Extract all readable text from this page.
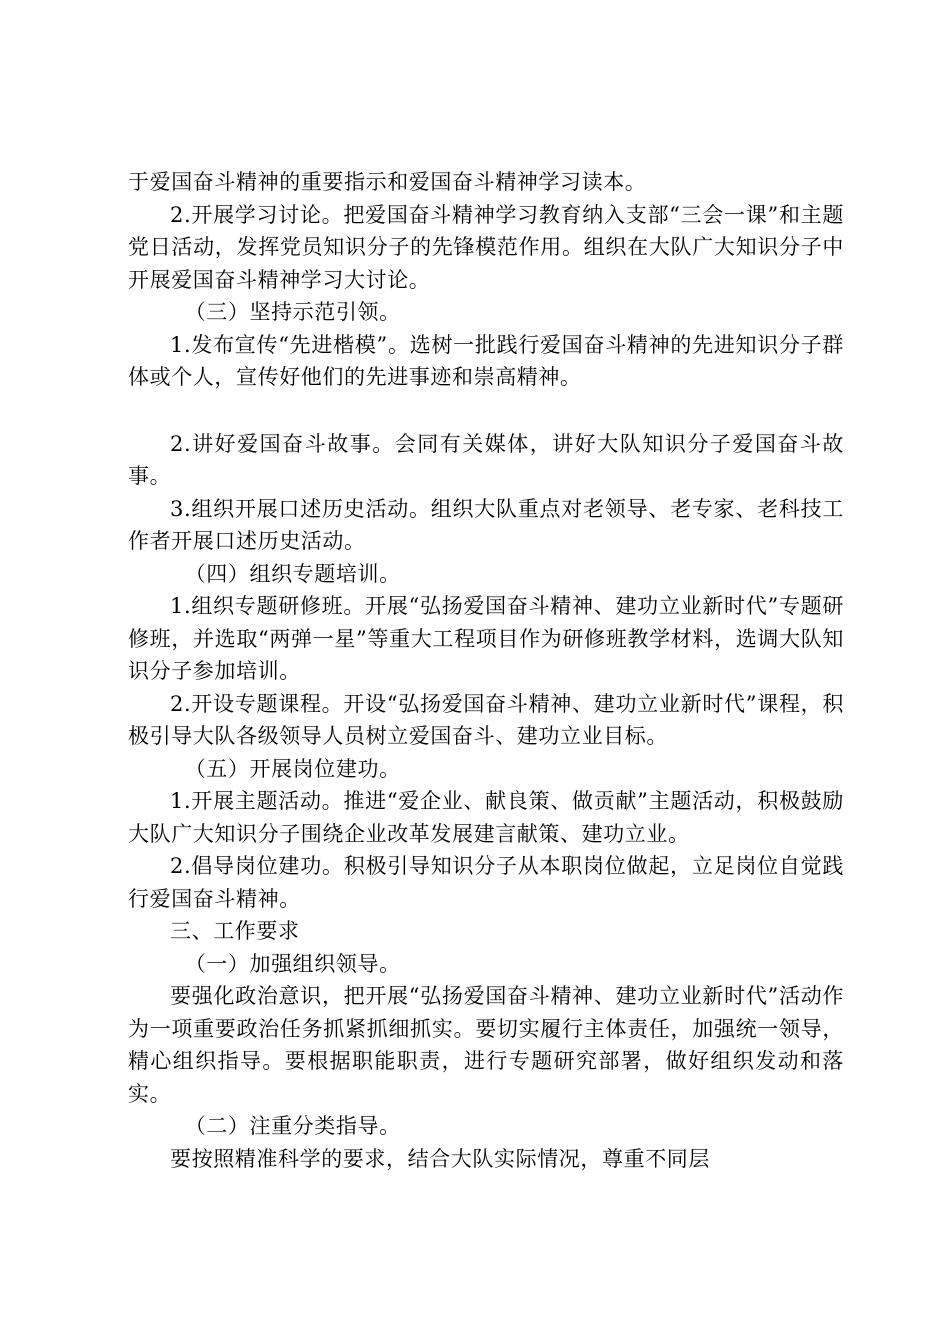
于爱国奋斗精神的重要指示和爱国奋斗精神学习读本。

2.开展学习讨论。把爱国奋斗精神学习教育纳入支部“三会一课”和主题党日活动，发挥党员知识分子的先锋模范作用。组织在大队广大知识分子中开展爱国奋斗精神学习大讨论。

（三）坚持示范引领。

1.发布宣传“先进楷模”。选树一批践行爱国奋斗精神的先进知识分子群体或个人，宣传好他们的先进事迹和崇高精神。

2.讲好爱国奋斗故事。会同有关媒体，讲好大队知识分子爱国奋斗故事。

3.组织开展口述历史活动。组织大队重点对老领导、老专家、老科技工作者开展口述历史活动。

（四）组织专题培训。

1.组织专题研修班。开展“弘扬爱国奋斗精神、建功立业新时代”专题研修班，并选取“两弹一星”等重大工程项目作为研修班教学材料，选调大队知识分子参加培训。

2.开设专题课程。开设“弘扬爱国奋斗精神、建功立业新时代”课程，积极引导大队各级领导人员树立爱国奋斗、建功立业目标。

（五）开展岗位建功。

1.开展主题活动。推进“爱企业、献良策、做贡献”主题活动，积极鼓励大队广大知识分子围绕企业改革发展建言献策、建功立业。

2.倡导岗位建功。积极引导知识分子从本职岗位做起，立足岗位自觉践行爱国奋斗精神。

三、工作要求

（一）加强组织领导。

要强化政治意识，把开展“弘扬爱国奋斗精神、建功立业新时代”活动作为一项重要政治任务抓紧抓细抓实。要切实履行主体责任，加强统一领导，精心组织指导。要根据职能职责，进行专题研究部署，做好组织发动和落实。

（二）注重分类指导。

要按照精准科学的要求，结合大队实际情况，尊重不同层
